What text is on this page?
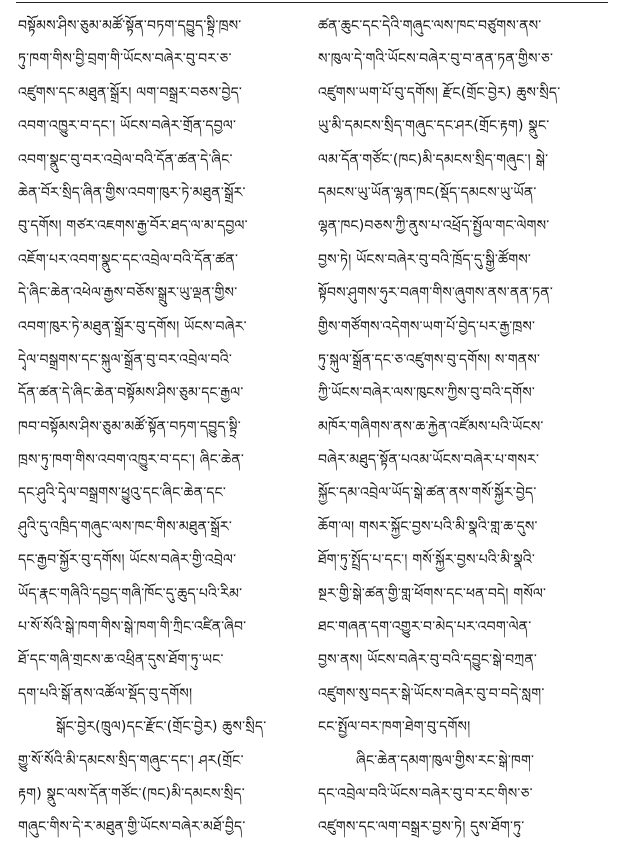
བསྟོམས་ཤིས་ཅུམ་མཚོ་སྟོན་བཏག་དབྱུད་སྟྲི་ཁྲས་
ཏུ་ཁག་གིས་བྱི་བྲག་གི་ཡོངས་བཞེར་བུ་བར་ཅ་
འཛུགས་དང་མཐུན་སྒྲོར། ལག་བསྒྲར་བཅས་བྱེད་
འབག་འཁྱུར་བ་དང་། ཡོངས་བཞེར་གྲོན་དབྱལ་
འབག་སྣུང་བུ་བར་འབྲེལ་བའི་དོན་ཚན་དེ་ཞིང་
ཆེན་བོར་སྲིད་ཞིན་གྱིས་འབག་ཁུར་ཏེ་མཐུན་སྒྲོར་
བུ་དགོས། གཙར་འཇགས་རྒྱ་བོར་ཐད་ལ་མ་དབྱལ་
འཇོག་པར་འབག་སྣུང་དང་འབྲེལ་བའི་དོན་ཚན་
དེ་ཞིང་ཆེན་འཕེལ་རྒྱས་བཅོས་སྒྲུར་ཡུ་ལྡན་གྱིས་
འབག་ཁུར་ཏེ་མཐུན་སྒྲོར་བུ་དགོས། ཡོངས་བཞེར་
དྭེལ་བསྒྲགས་དང་སྐུལ་སྒྲོན་བུ་བར་འབྲེལ་བའི་
དོན་ཚན་དེ་ཞིང་ཆེན་བསྟོམས་ཤིས་ཅུམ་དང་རྒྱལ་
ཁབ་བསྟོམས་ཤིས་ཅུམ་མཚོ་སྟོན་བཏག་དབྱུད་སྟྲི་
ཁྲས་ཏུ་ཁག་གིས་འབག་འཁྱུར་བ་དང་། ཞིང་ཆེན་
དང་ཤུའི་དྭེལ་བསྒྲགས་ཕྱུའུ་དང་ཞིང་ཆེན་དང་
ཤུའི་དུ་འཁྲིད་གཞུང་ལས་ཁང་གིས་མཐུན་སྒྲོར་
དང་རྒྱབ་སྐྱོར་བུ་དགོས། ཡོངས་བཞེར་གྱི་འབྲེལ་
ཡོད་རྣང་གཞིའི་དབྱད་གཞི་ཁོང་དུ་ཆུད་པའི་རིམ་
པ་སོ་སོའི་སྒེ་ཁག་གིས་སྒེ་ཁག་གི་ཀྲིང་འཛིན་ཞིབ་
ཐོ་དང་གཞི་གྲངས་ཆ་འཕྲིན་དུས་ཐོག་ཏུ་ཡང་
དག་པའི་སྒོ་ནས་འཚོལ་སྡོད་བུ་དགོས།
སྒོང་བྱེར(ཁྲུལ)དང་རྫོང་(གྲོང་བྱེར) ཆུས་སྲིད་
གྱུ་སོ་སོའི་མི་དམངས་སྲིད་གཞུང་དང་། ཤར(གྲོང་
རྟག) སྣུང་ལས་དོན་གཙོང་(ཁང)མི་དམངས་སྲིད་
གཞུང་གིས་དེ་ར་མཐུན་གྱི་ཡོངས་བཞེར་མཐོ་བྱིད་
ཚན་ཆུང་དང་དེའི་གཞུང་ལས་ཁང་བཙུགས་ནས་
ས་ཁུལ་དེ་གའི་ཡོངས་བཞེར་བུ་བ་ནན་ཏན་གྱིས་ཅ་
འཛུགས་ཡག་པོ་བུ་དགོས། རྫོང(གྲོང་བྱེར) ཆུས་སྲིད་
ཡུ་མི་དམངས་སྲིད་གཞུང་དང་ཤར(གྲོང་རྟག) སྣུང་
ལམ་དོན་གཙོང་(ཁང)མི་དམངས་སྲིད་གཞུང་། སྒེ་
དམངས་ཡུ་ཡོན་ལྷན་ཁང(སྡོད་དམངས་ཡུ་ཡོན་
ལྷན་ཁང)བཅས་ཀྱི་ནུས་པ་འཕྲོད་སྤྱོལ་གང་ལེགས་
བྱས་ཏེ། ཡོངས་བཞེར་བུ་བའི་ཁྲོད་དུ་སྒྱི་ཚོགས་
སྟོབས་ཤུགས་ཧུར་བཞག་གིས་ཞུགས་ནས་ནན་ཏན་
གྱིས་གཙོགས་འདེགས་ཡག་པོ་བྱེད་པར་རྒྱ་ཁྲས་
ཏུ་སྐུལ་སྒྲོན་དང་ཅ་འཛུགས་བུ་དགོས། ས་གནས་
ཀྱི་ཡོངས་བཞེར་ལས་ཁུངས་ཀྱིས་བུ་བའི་དགོས་
མཁོར་གཞིགས་ནས་ཆ་རྐྱེན་འཛོམས་པའི་ཡོངས་
བཞེར་མཐུད་སྟོན་པའམ་ཡོངས་བཞེར་པ་གསར་
སྐྱོང་དམ་འབྲེལ་ཡོད་སྒེ་ཚན་ནས་གསོ་སྐྱོར་བྱེད་
ཆོག་ལ། གསར་སྐྱོང་བྱས་པའི་མི་སྣའི་གླ་ཆ་དུས་
ཐོག་ཏུ་སྤྲོད་པ་དང་། གསོ་སྐྱོར་བྱས་པའི་མི་སྣའི་
སྔར་གྱི་སྒེ་ཚན་གྱི་གླ་ཕོགས་དང་ཕན་བདེ། གསོལ་
ཐང་གཞན་དག་འགྱུར་བ་མེད་པར་འབག་ལེན་
བྱས་ནས། ཡོངས་བཞེར་བུ་བའི་དབྱུང་སྒེ་བཀྲན་
འཛུགས་སུ་བདར་སྒེ་ཡོངས་བཞེར་བུ་བ་བདེ་སླག་
ངང་སྤྱོལ་བར་ཁག་ཐེག་བུ་དགོས།
ཞིང་ཆེན་དམག་ཁུལ་གྱིས་རང་སྒེ་ཁག་
དང་འབྲེལ་བའི་ཡོངས་བཞེར་བུ་བ་རང་གིས་ཅ་
འཛུགས་དང་ལག་བསྒྲར་བྱས་ཏེ། དུས་ཐོག་ཏུ་
